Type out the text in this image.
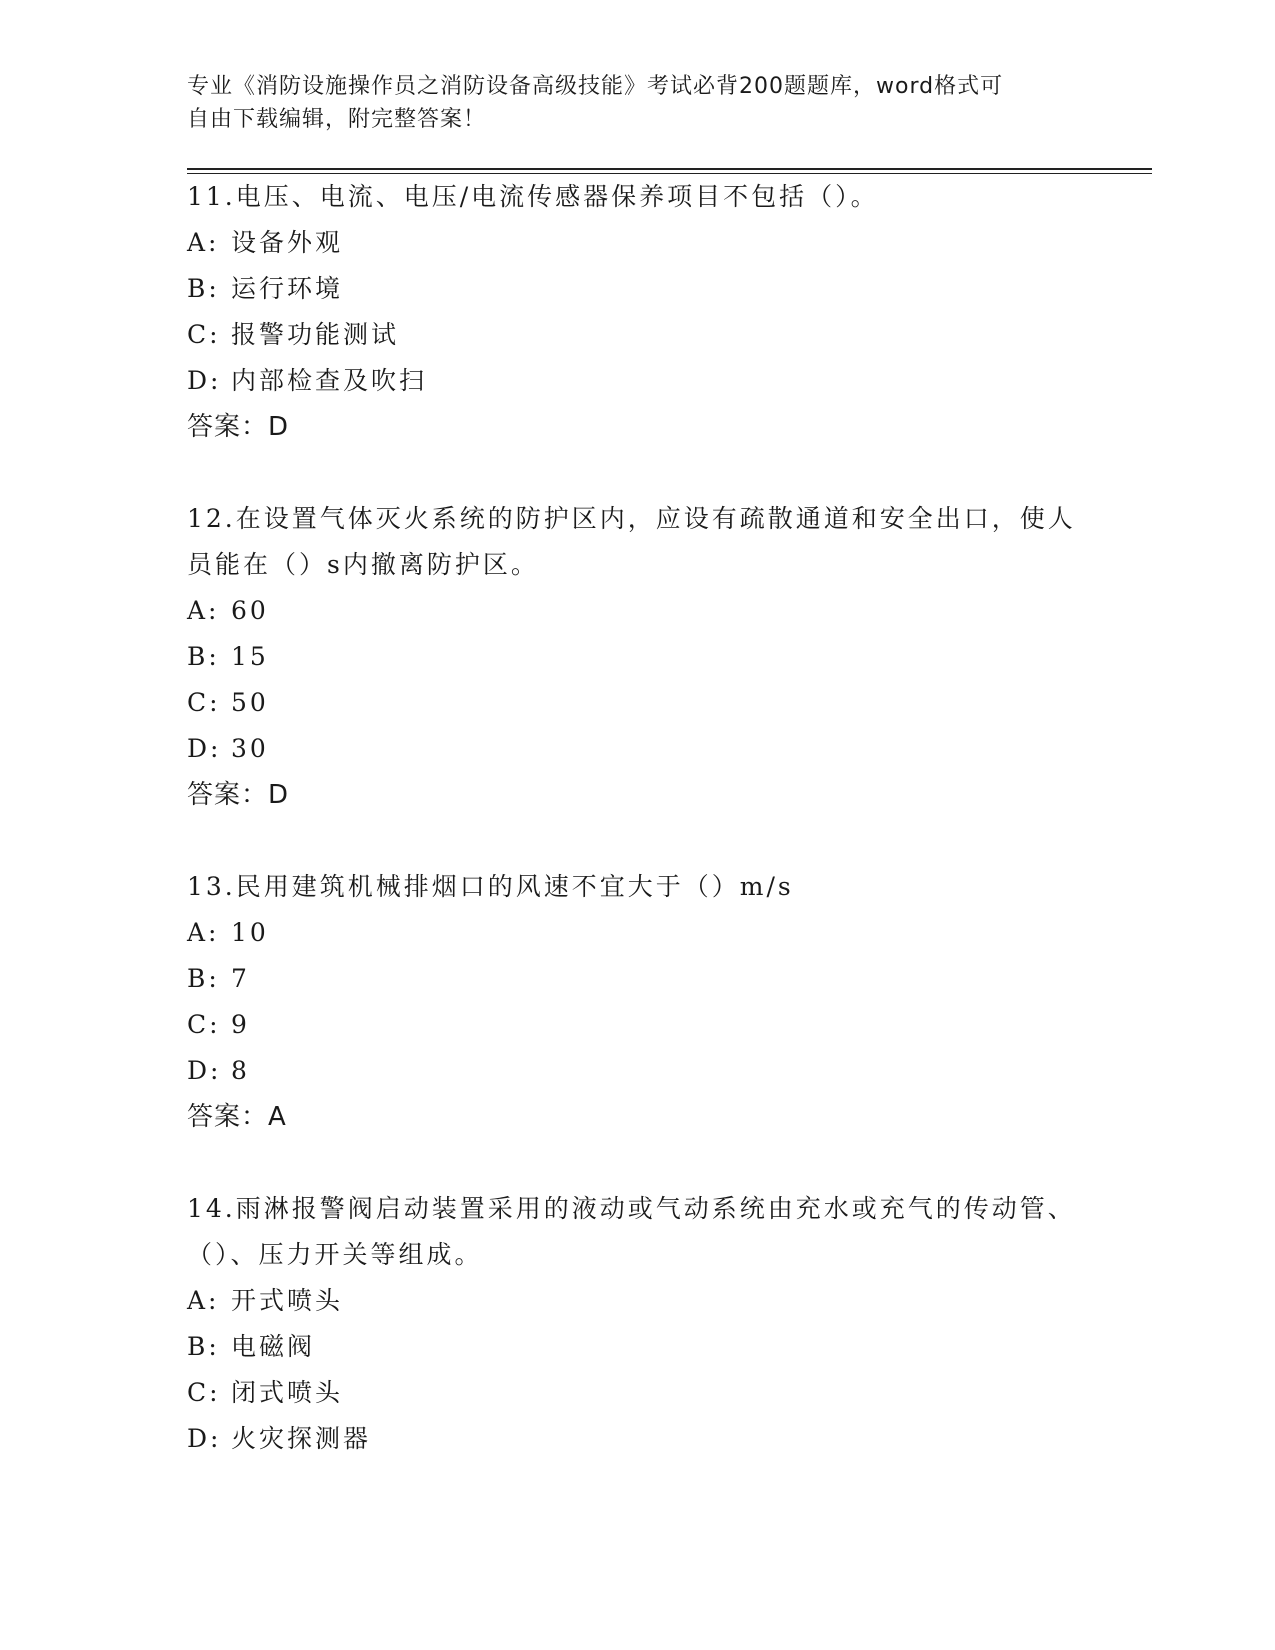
专业《消防设施操作员之消防设备高级技能》考试必背200题题库，word格式可
自由下载编辑，附完整答案！
11.电压、电流、电压/电流传感器保养项目不包括（）。
A: 设备外观
B: 运行环境
C: 报警功能测试
D: 内部检查及吹扫
答案：D
12.在设置气体灭火系统的防护区内，应设有疏散通道和安全出口，使人员能在（）s内撤离防护区。
A: 60
B: 15
C: 50
D: 30
答案：D
13.民用建筑机械排烟口的风速不宜大于（）m/s
A: 10
B: 7
C: 9
D: 8
答案：A
14.雨淋报警阀启动装置采用的液动或气动系统由充水或充气的传动管、（）、压力开关等组成。
A: 开式喷头
B: 电磁阀
C: 闭式喷头
D: 火灾探测器
